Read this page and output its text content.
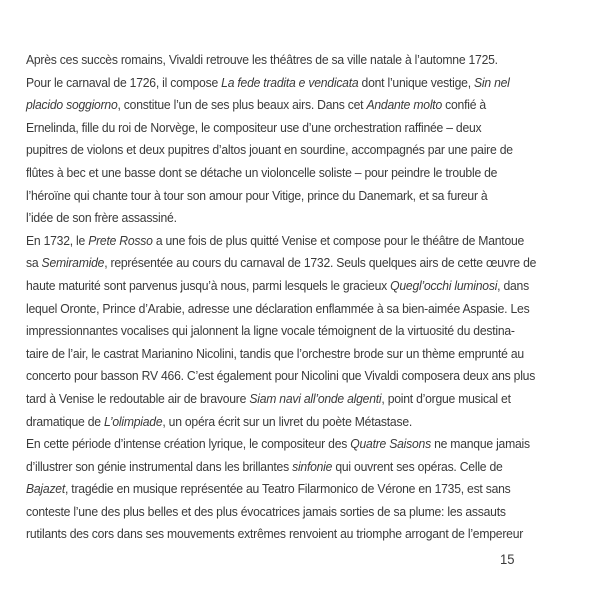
Après ces succès romains, Vivaldi retrouve les théâtres de sa ville natale à l’automne 1725.
Pour le carnaval de 1726, il compose La fede tradita e vendicata dont l’unique vestige, Sin nel
placido soggiorno, constitue l’un de ses plus beaux airs. Dans cet Andante molto confié à
Ernelinda, fille du roi de Norvège, le compositeur use d’une orchestration raffinée – deux
pupitres de violons et deux pupitres d’altos jouant en sourdine, accompagnés par une paire de
flûtes à bec et une basse dont se détache un violoncelle soliste – pour peindre le trouble de
l’héroïne qui chante tour à tour son amour pour Vitige, prince du Danemark, et sa fureur à
l’idée de son frère assassiné.
En 1732, le Prete Rosso a une fois de plus quitté Venise et compose pour le théâtre de Mantoue
sa Semiramide, représentée au cours du carnaval de 1732. Seuls quelques airs de cette œuvre de
haute maturité sont parvenus jusqu’à nous, parmi lesquels le gracieux Quegl’occhi luminosi, dans
lequel Oronte, Prince d’Arabie, adresse une déclaration enflammée à sa bien-aimée Aspasie. Les
impressionnantes vocalises qui jalonnent la ligne vocale témoignent de la virtuosité du destina-
taire de l’air, le castrat Marianino Nicolini, tandis que l’orchestre brode sur un thème emprunté au
concerto pour basson RV 466. C’est également pour Nicolini que Vivaldi composera deux ans plus
tard à Venise le redoutable air de bravoure Siam navi all’onde algenti, point d’orgue musical et
dramatique de L’olimpiade, un opéra écrit sur un livret du poète Métastase.
En cette période d’intense création lyrique, le compositeur des Quatre Saisons ne manque jamais
d’illustrer son génie instrumental dans les brillantes sinfonie qui ouvrent ses opéras. Celle de
Bajazet, tragédie en musique représentée au Teatro Filarmonico de Vérone en 1735, est sans
conteste l’une des plus belles et des plus évocatrices jamais sorties de sa plume: les assauts
rutilants des cors dans ses mouvements extrêmes renvoient au triomphe arrogant de l’empereur
15
